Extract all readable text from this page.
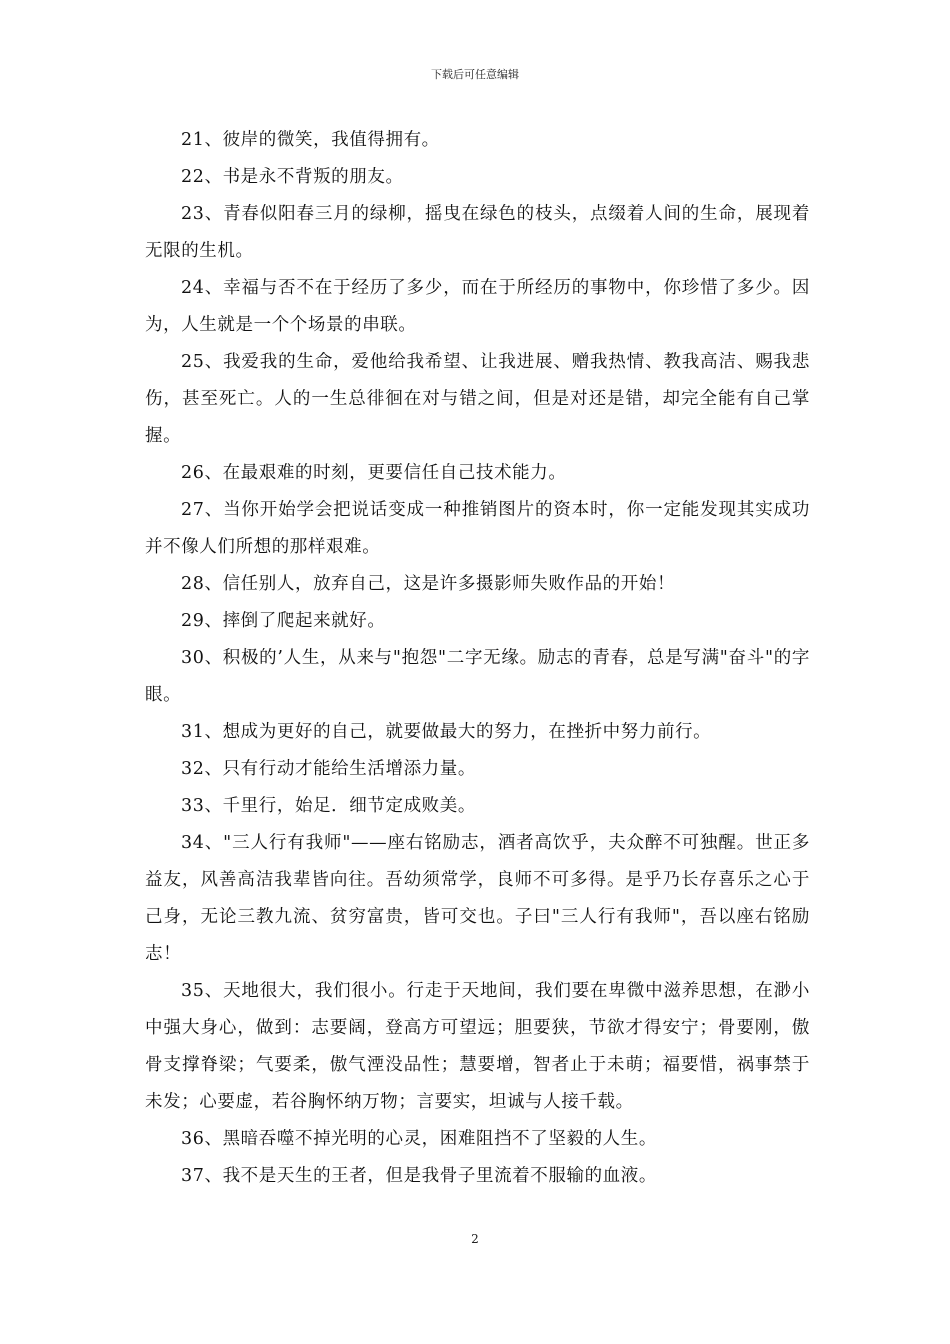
下载后可任意编辑

21、彼岸的微笑，我值得拥有。

22、书是永不背叛的朋友。

23、青春似阳春三月的绿柳，摇曳在绿色的枝头，点缀着人间的生命，展现着无限的生机。

24、幸福与否不在于经历了多少，而在于所经历的事物中，你珍惜了多少。因为，人生就是一个个场景的串联。

25、我爱我的生命，爱他给我希望、让我进展、赠我热情、教我高洁、赐我悲伤，甚至死亡。人的一生总徘徊在对与错之间，但是对还是错，却完全能有自己掌握。

26、在最艰难的时刻，更要信任自己技术能力。

27、当你开始学会把说话变成一种推销图片的资本时，你一定能发现其实成功并不像人们所想的那样艰难。

28、信任别人，放弃自己，这是许多摄影师失败作品的开始！

29、摔倒了爬起来就好。

30、积极的’人生，从来与"抱怨"二字无缘。励志的青春，总是写满"奋斗"的字眼。

31、想成为更好的自己，就要做最大的努力，在挫折中努力前行。

32、只有行动才能给生活增添力量。

33、千里行，始足．细节定成败美。

34、"三人行有我师"——座右铭励志，酒者高饮乎，夫众醉不可独醒。世正多益友，风善高洁我辈皆向往。吾幼须常学，良师不可多得。是乎乃长存喜乐之心于己身，无论三教九流、贫穷富贵，皆可交也。子曰"三人行有我师"，吾以座右铭励志！

35、天地很大，我们很小。行走于天地间，我们要在卑微中滋养思想，在渺小中强大身心，做到：志要阔，登高方可望远；胆要狭，节欲才得安宁；骨要刚，傲骨支撑脊梁；气要柔，傲气湮没品性；慧要增，智者止于未萌；福要惜，祸事禁于未发；心要虚，若谷胸怀纳万物；言要实，坦诚与人接千载。

36、黑暗吞噬不掉光明的心灵，困难阻挡不了坚毅的人生。

37、我不是天生的王者，但是我骨子里流着不服输的血液。

2
